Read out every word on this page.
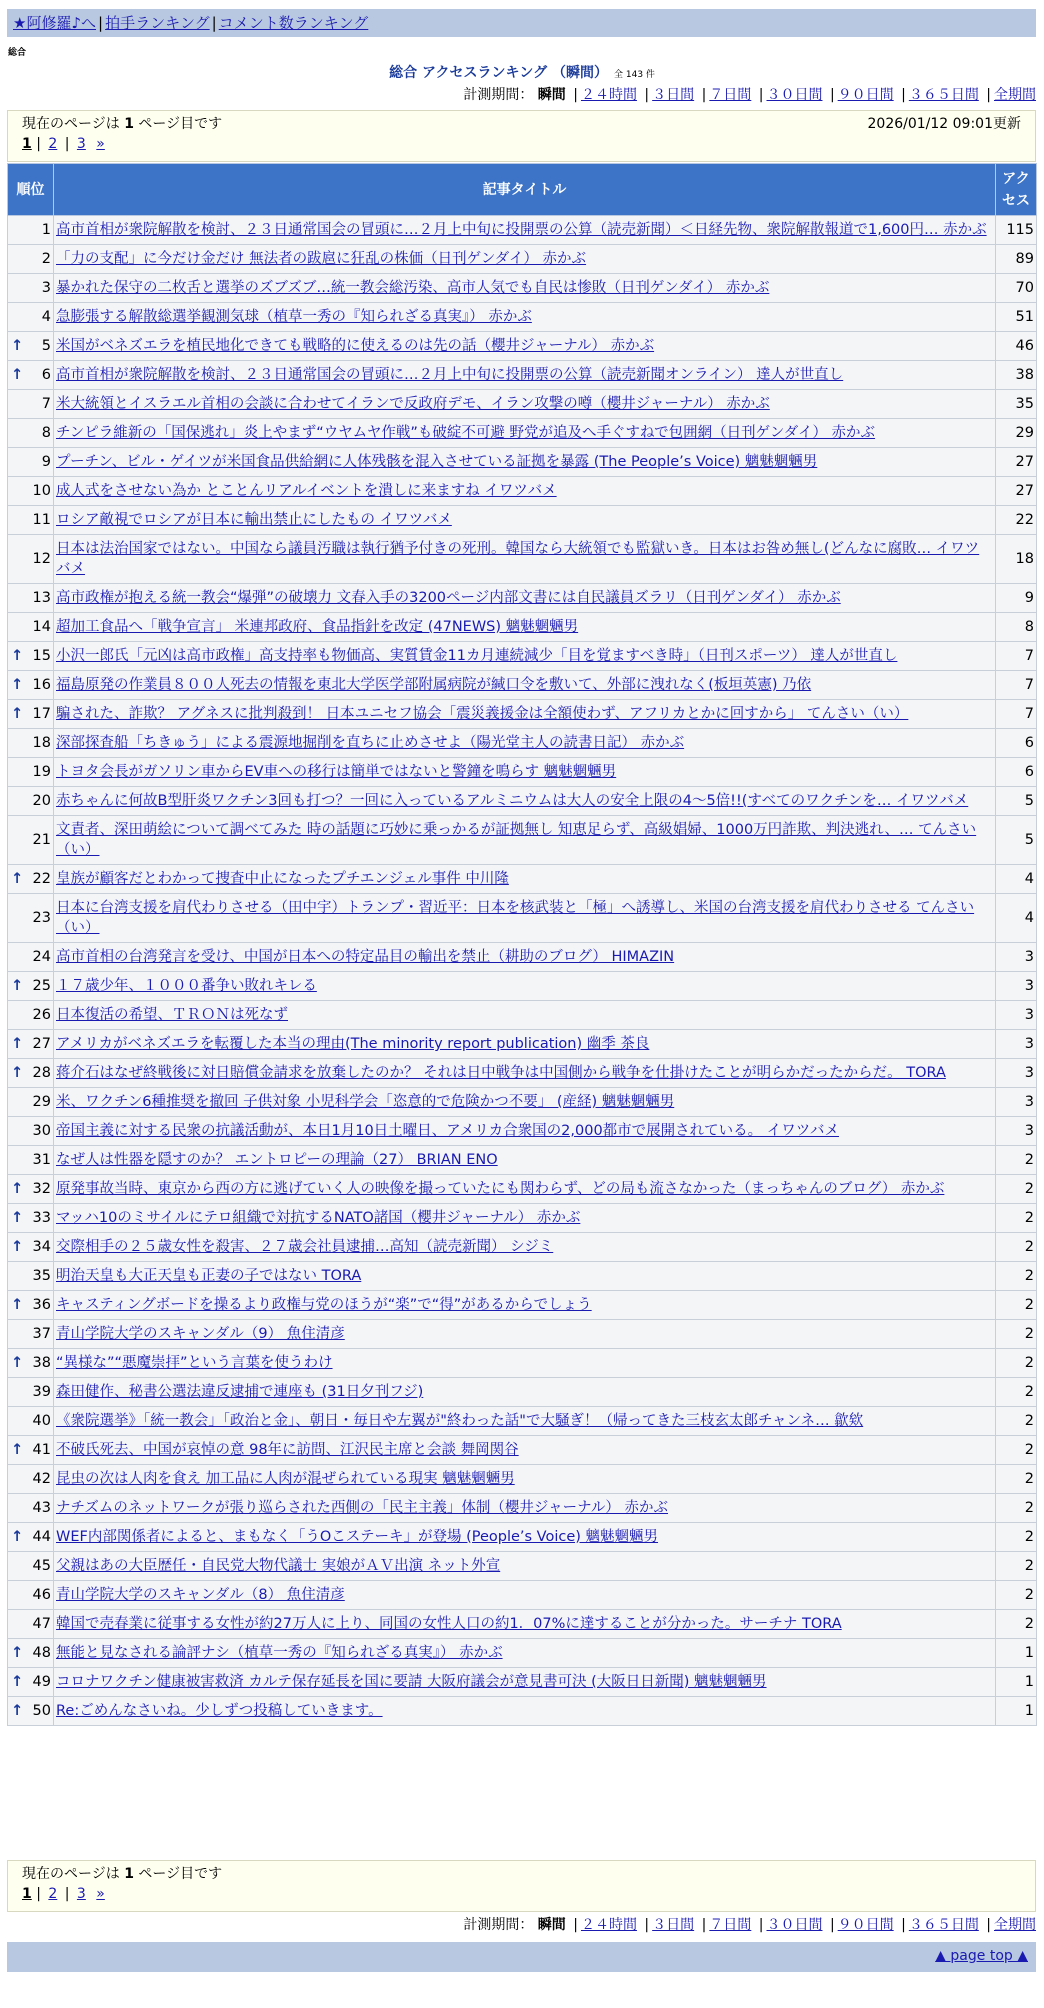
★阿修羅♪へ | 拍手ランキング | コメント数ランキング
総合
総合 アクセスランキング （瞬間） 全 143 件
計測期間： 瞬間 | ２４時間 | ３日間 | ７日間 | ３０日間 | ９０日間 | ３６５日間 | 全期間
現在のページは 1 ページ目です	2026/01/12 09:01更新
1 | 2 | 3 »
順位	記事タイトル	アクセス
1	高市首相が衆院解散を検討、２３日通常国会の冒頭に…２月上中旬に投開票の公算（読売新聞）＜日経先物、衆院解散報道で1,600円… 赤かぶ	115
2	「力の支配」に今だけ金だけ 無法者の跋扈に狂乱の株価（日刊ゲンダイ） 赤かぶ	89
3	暴かれた保守の二枚舌と選挙のズブズブ…統一教会総汚染、高市人気でも自民は惨敗（日刊ゲンダイ） 赤かぶ	70
4	急膨張する解散総選挙観測気球（植草一秀の『知られざる真実』） 赤かぶ	51

↑ 5	米国がベネズエラを植民地化できても戦略的に使えるのは先の話（櫻井ジャーナル） 赤かぶ	46

↑ 6	高市首相が衆院解散を検討、２３日通常国会の冒頭に…２月上中旬に投開票の公算（読売新聞オンライン） 達人が世直し	38
7	米大統領とイスラエル首相の会談に合わせてイランで反政府デモ、イラン攻撃の噂（櫻井ジャーナル） 赤かぶ	35
8	チンピラ維新の「国保逃れ」炎上やまず“ウヤムヤ作戦”も破綻不可避 野党が追及へ手ぐすねで包囲網（日刊ゲンダイ） 赤かぶ	29
9	プーチン、ビル・ゲイツが米国食品供給網に人体残骸を混入させている証拠を暴露 (The People’s Voice) 魑魅魍魎男	27
10	成人式をさせない為か とことんリアルイベントを潰しに来ますね イワツバメ	27
11	ロシア敵視でロシアが日本に輸出禁止にしたもの イワツバメ	22
12	日本は法治国家ではない。中国なら議員汚職は執行猶予付きの死刑。韓国なら大統領でも監獄いき。日本はお咎め無し(どんなに腐敗… イワツバメ	18
13	高市政権が抱える統一教会“爆弾”の破壊力 文春入手の3200ページ内部文書には自民議員ズラリ（日刊ゲンダイ） 赤かぶ	9
14	超加工食品へ「戦争宣言」 米連邦政府、食品指針を改定 (47NEWS) 魑魅魍魎男	8

↑ 15	小沢一郎氏「元凶は高市政権」高支持率も物価高、実質賃金11カ月連続減少「目を覚ますべき時」（日刊スポーツ） 達人が世直し	7

↑ 16	福島原発の作業員８００人死去の情報を東北大学医学部附属病院が緘口令を敷いて、外部に洩れなく(板垣英憲) 乃依	7

↑ 17	騙された、詐欺？ アグネスに批判殺到！ 日本ユニセフ協会「震災義援金は全額使わず、アフリカとかに回すから」 てんさい（い）	7
18	深部探査船「ちきゅう」による震源地掘削を直ちに止めさせよ（陽光堂主人の読書日記） 赤かぶ	6
19	トヨタ会長がガソリン車からEV車への移行は簡単ではないと警鐘を鳴らす 魑魅魍魎男	6
20	赤ちゃんに何故B型肝炎ワクチン3回も打つ？一回に入っているアルミニウムは大人の安全上限の4～5倍!!(すべてのワクチンを… イワツバメ	5
21	文責者、深田萌絵について調べてみた 時の話題に巧妙に乗っかるが証拠無し 知恵足らず、高級娼婦、1000万円詐欺、判決逃れ、… てんさい（い）	5

↑ 22	皇族が顧客だとわかって捜査中止になったプチエンジェル事件 中川隆	4
23	日本に台湾支援を肩代わりさせる（田中宇）トランプ・習近平：日本を核武装と「極」へ誘導し、米国の台湾支援を肩代わりさせる てんさい（い）	4
24	高市首相の台湾発言を受け、中国が日本への特定品目の輸出を禁止（耕助のブログ） HIMAZIN	3

↑ 25	１７歳少年、１０００番争い敗れキレる	3
26	日本復活の希望、ＴＲＯＮは死なず	3

↑ 27	アメリカがベネズエラを転覆した本当の理由(The minority report publication) 幽季 茶良	3

↑ 28	蒋介石はなぜ終戦後に対日賠償金請求を放棄したのか？ それは日中戦争は中国側から戦争を仕掛けたことが明らかだったからだ。 TORA	3
29	米、ワクチン6種推奨を撤回 子供対象 小児科学会「恣意的で危険かつ不要」 (産経) 魑魅魍魎男	3
30	帝国主義に対する民衆の抗議活動が、本日1月10日土曜日、アメリカ合衆国の2,000都市で展開されている。 イワツバメ	3
31	なぜ人は性器を隠すのか？ エントロピーの理論（27） BRIAN ENO	2

↑ 32	原発事故当時、東京から西の方に逃げていく人の映像を撮っていたにも関わらず、どの局も流さなかった（まっちゃんのブログ） 赤かぶ	2

↑ 33	マッハ10のミサイルにテロ組織で対抗するNATO諸国（櫻井ジャーナル） 赤かぶ	2

↑ 34	交際相手の２５歳女性を殺害、２７歳会社員逮捕…高知（読売新聞） シジミ	2
35	明治天皇も大正天皇も正妻の子ではない TORA	2

↑ 36	キャスティングボードを操るより政権与党のほうが“楽”で“得”があるからでしょう	2
37	青山学院大学のスキャンダル（9） 魚住清彦	2

↑ 38	“異様な”“悪魔崇拝”という言葉を使うわけ	2
39	森田健作、秘書公選法違反逮捕で連座も (31日夕刊フジ)	2
40	《衆院選挙》「統一教会」「政治と金」、朝日・毎日や左翼が"終わった話"で大騒ぎ！（帰ってきた三枝玄太郎チャンネ… 歙欸	2

↑ 41	不破氏死去、中国が哀悼の意 98年に訪問、江沢民主席と会談 舞岡関谷	2
42	昆虫の次は人肉を食え 加工品に人肉が混ぜられている現実 魑魅魍魎男	2
43	ナチズムのネットワークが張り巡らされた西側の「民主主義」体制（櫻井ジャーナル） 赤かぶ	2

↑ 44	WEF内部関係者によると、まもなく「うOこステーキ」が登場 (People’s Voice) 魑魅魍魎男	2
45	父親はあの大臣歴任・自民党大物代議士 実娘がＡＶ出演 ネット外宣	2
46	青山学院大学のスキャンダル（8） 魚住清彦	2
47	韓国で売春業に従事する女性が約27万人に上り、同国の女性人口の約1．07%に達することが分かった。サーチナ TORA	2

↑ 48	無能と見なされる論評ナシ（植草一秀の『知られざる真実』） 赤かぶ	1

↑ 49	コロナワクチン健康被害救済 カルテ保存延長を国に要請 大阪府議会が意見書可決 (大阪日日新聞) 魑魅魍魎男	1

↑ 50	Re:ごめんなさいね。少しずつ投稿していきます。	1
現在のページは 1 ページ目です
1 | 2 | 3 »
計測期間： 瞬間 | ２４時間 | ３日間 | ７日間 | ３０日間 | ９０日間 | ３６５日間 | 全期間
▲ page top ▲
